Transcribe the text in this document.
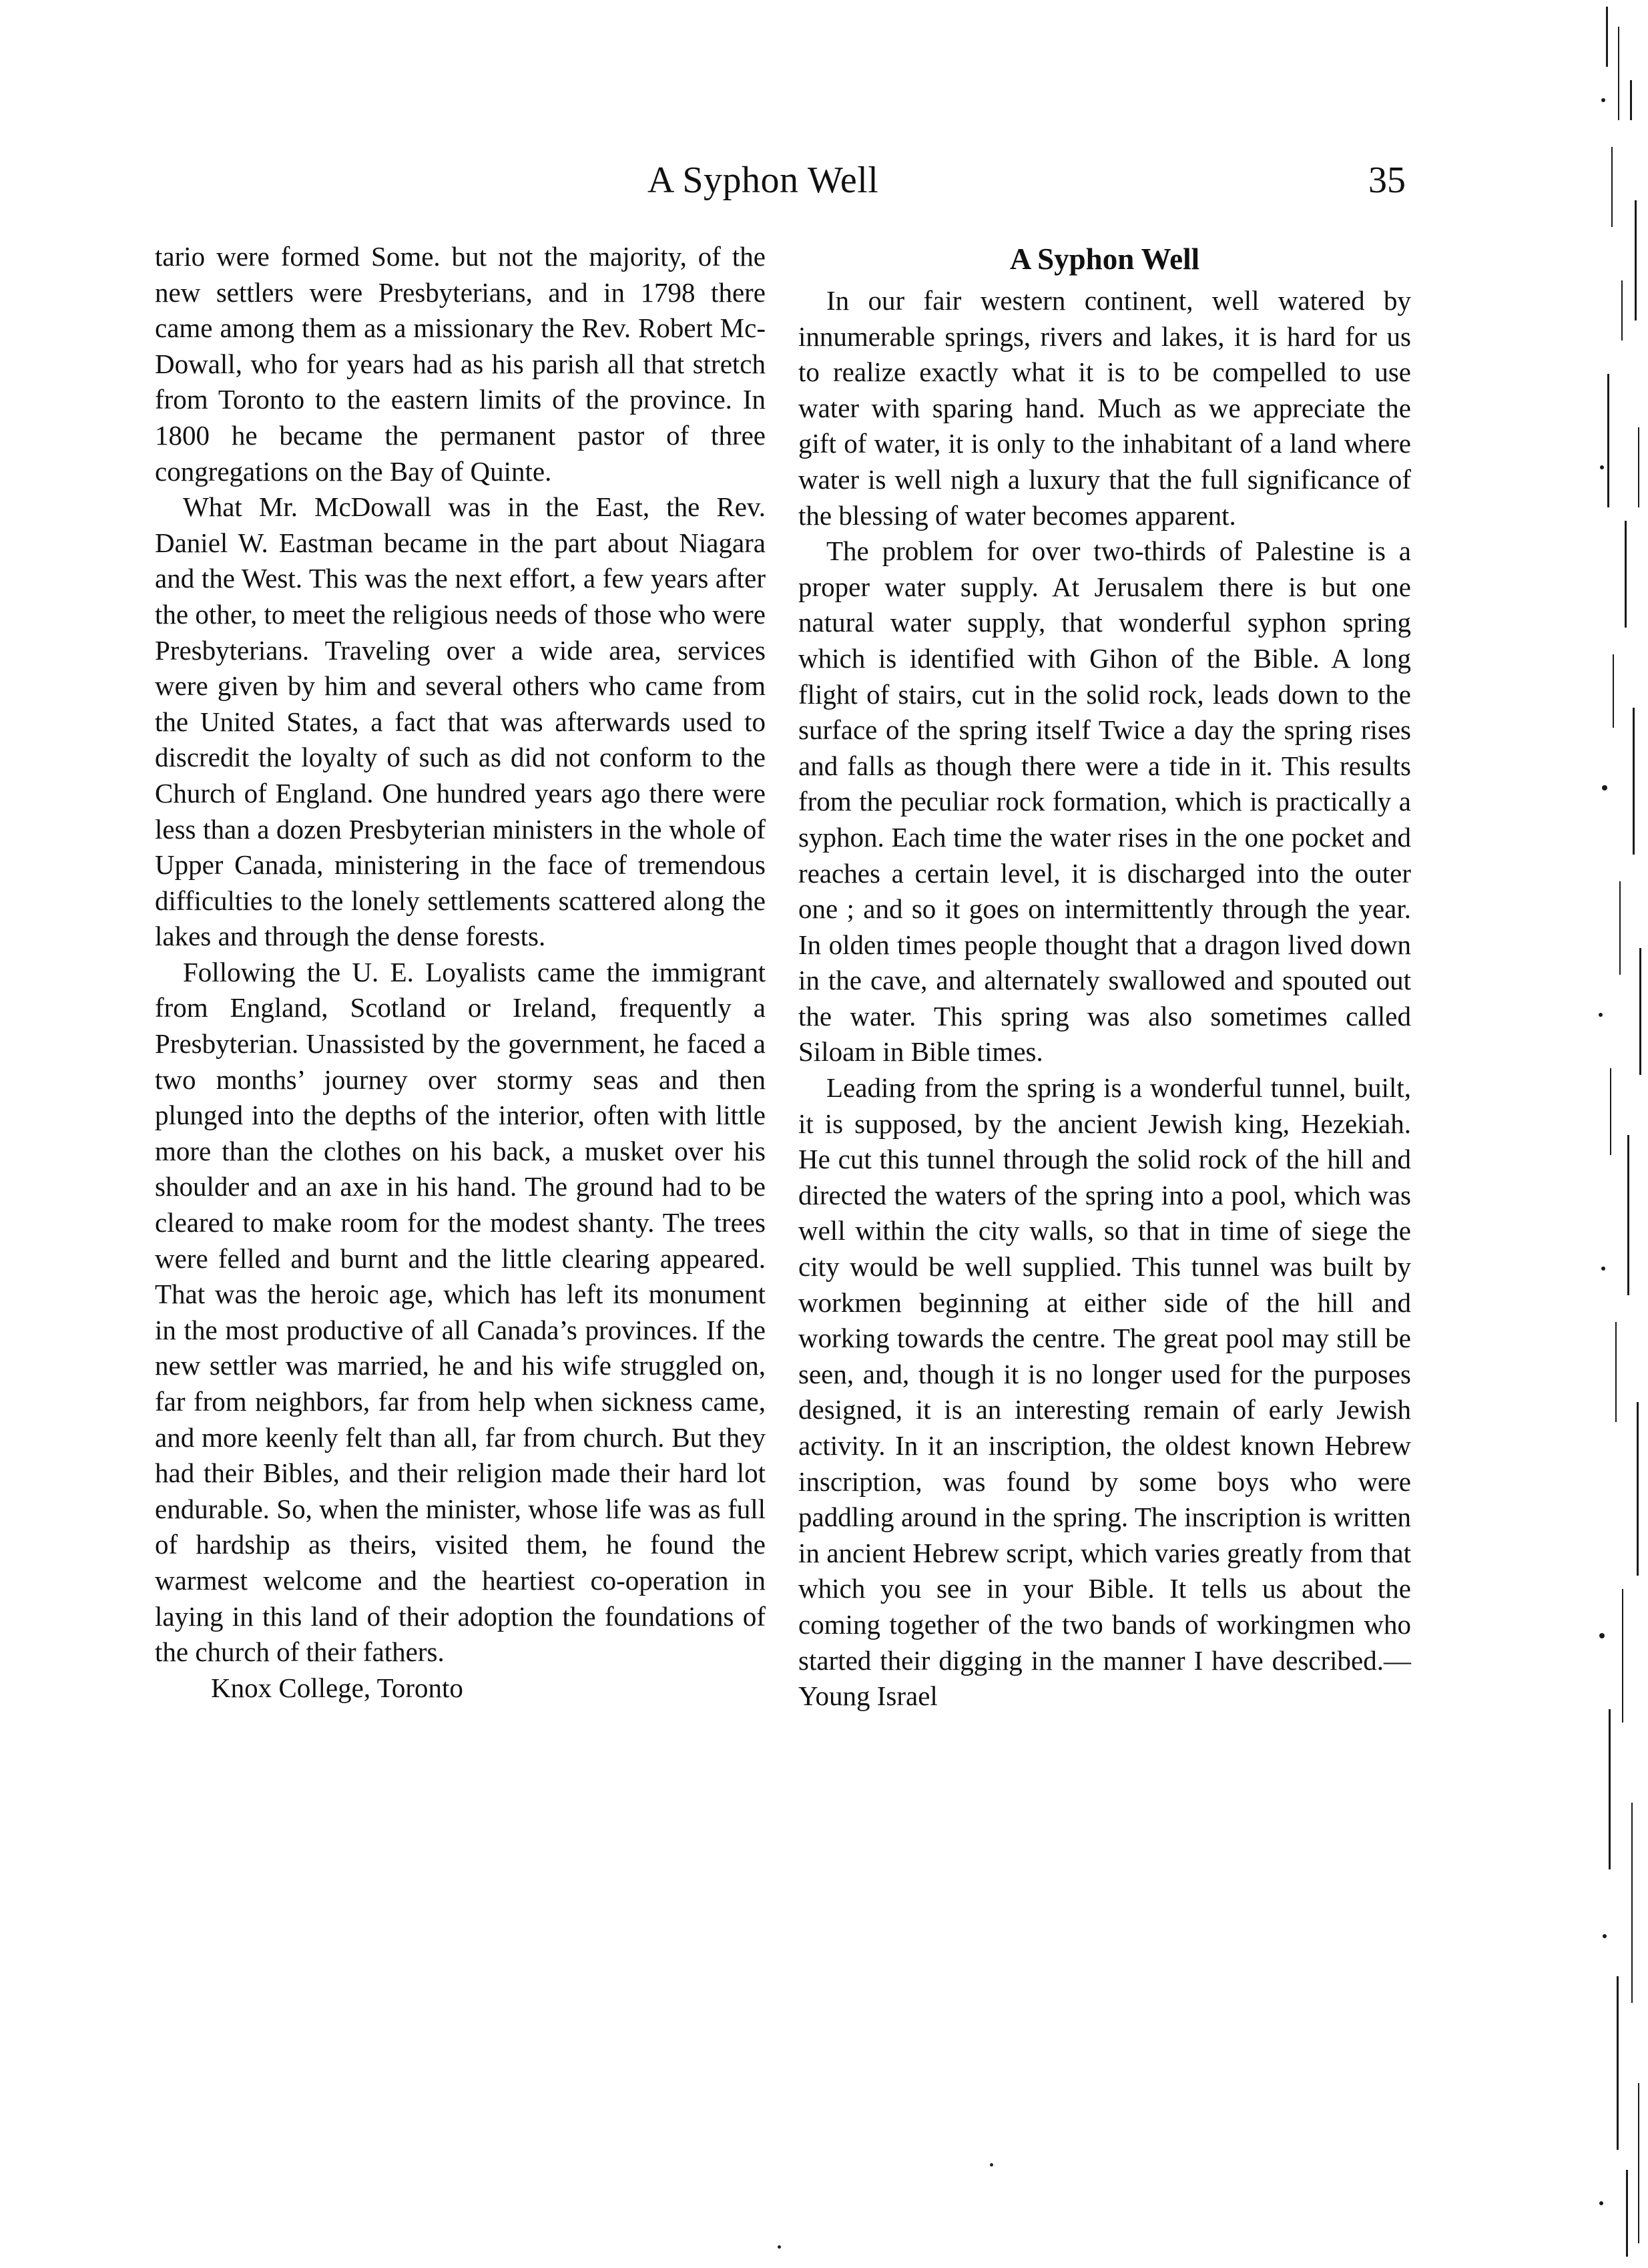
A Syphon Well	35

tario were formed Some. but not the majority, of the new settlers were Presbyterians, and in 1798 there came among them as a missionary the Rev. Robert McDowall, who for years had as his parish all that stretch from Toronto to the eastern limits of the province. In 1800 he became the permanent pastor of three congregations on the Bay of Quinte.

What Mr. McDowall was in the East, the Rev. Daniel W. Eastman became in the part about Niagara and the West. This was the next effort, a few years after the other, to meet the religious needs of those who were Presbyterians. Traveling over a wide area, services were given by him and several others who came from the United States, a fact that was afterwards used to discredit the loyalty of such as did not conform to the Church of England. One hundred years ago there were less than a dozen Presbyterian ministers in the whole of Upper Canada, ministering in the face of tremendous difficulties to the lonely settlements scattered along the lakes and through the dense forests.

Following the U. E. Loyalists came the immigrant from England, Scotland or Ireland, frequently a Presbyterian. Unassisted by the government, he faced a two months’ journey over stormy seas and then plunged into the depths of the interior, often with little more than the clothes on his back, a musket over his shoulder and an axe in his hand. The ground had to be cleared to make room for the modest shanty. The trees were felled and burnt and the little clearing appeared. That was the heroic age, which has left its monument in the most productive of all Canada’s provinces. If the new settler was married, he and his wife struggled on, far from neighbors, far from help when sickness came, and more keenly felt than all, far from church. But they had their Bibles, and their religion made their hard lot endurable. So, when the minister, whose life was as full of hardship as theirs, visited them, he found the warmest welcome and the heartiest co-operation in laying in this land of their adoption the foundations of the church of their fathers.

Knox College, Toronto

A Syphon Well

In our fair western continent, well watered by innumerable springs, rivers and lakes, it is hard for us to realize exactly what it is to be compelled to use water with sparing hand. Much as we appreciate the gift of water, it is only to the inhabitant of a land where water is well nigh a luxury that the full significance of the blessing of water becomes apparent.

The problem for over two-thirds of Palestine is a proper water supply. At Jerusalem there is but one natural water supply, that wonderful syphon spring which is identified with Gihon of the Bible. A long flight of stairs, cut in the solid rock, leads down to the surface of the spring itself Twice a day the spring rises and falls as though there were a tide in it. This results from the peculiar rock formation, which is practically a syphon. Each time the water rises in the one pocket and reaches a certain level, it is discharged into the outer one ; and so it goes on intermittently through the year. In olden times people thought that a dragon lived down in the cave, and alternately swallowed and spouted out the water. This spring was also sometimes called Siloam in Bible times.

Leading from the spring is a wonderful tunnel, built, it is supposed, by the ancient Jewish king, Hezekiah. He cut this tunnel through the solid rock of the hill and directed the waters of the spring into a pool, which was well within the city walls, so that in time of siege the city would be well supplied. This tunnel was built by workmen beginning at either side of the hill and working towards the centre. The great pool may still be seen, and, though it is no longer used for the purposes designed, it is an interesting remain of early Jewish activity. In it an inscription, the oldest known Hebrew inscription, was found by some boys who were paddling around in the spring. The inscription is written in ancient Hebrew script, which varies greatly from that which you see in your Bible. It tells us about the coming together of the two bands of workingmen who started their digging in the manner I have described.—Young Israel
